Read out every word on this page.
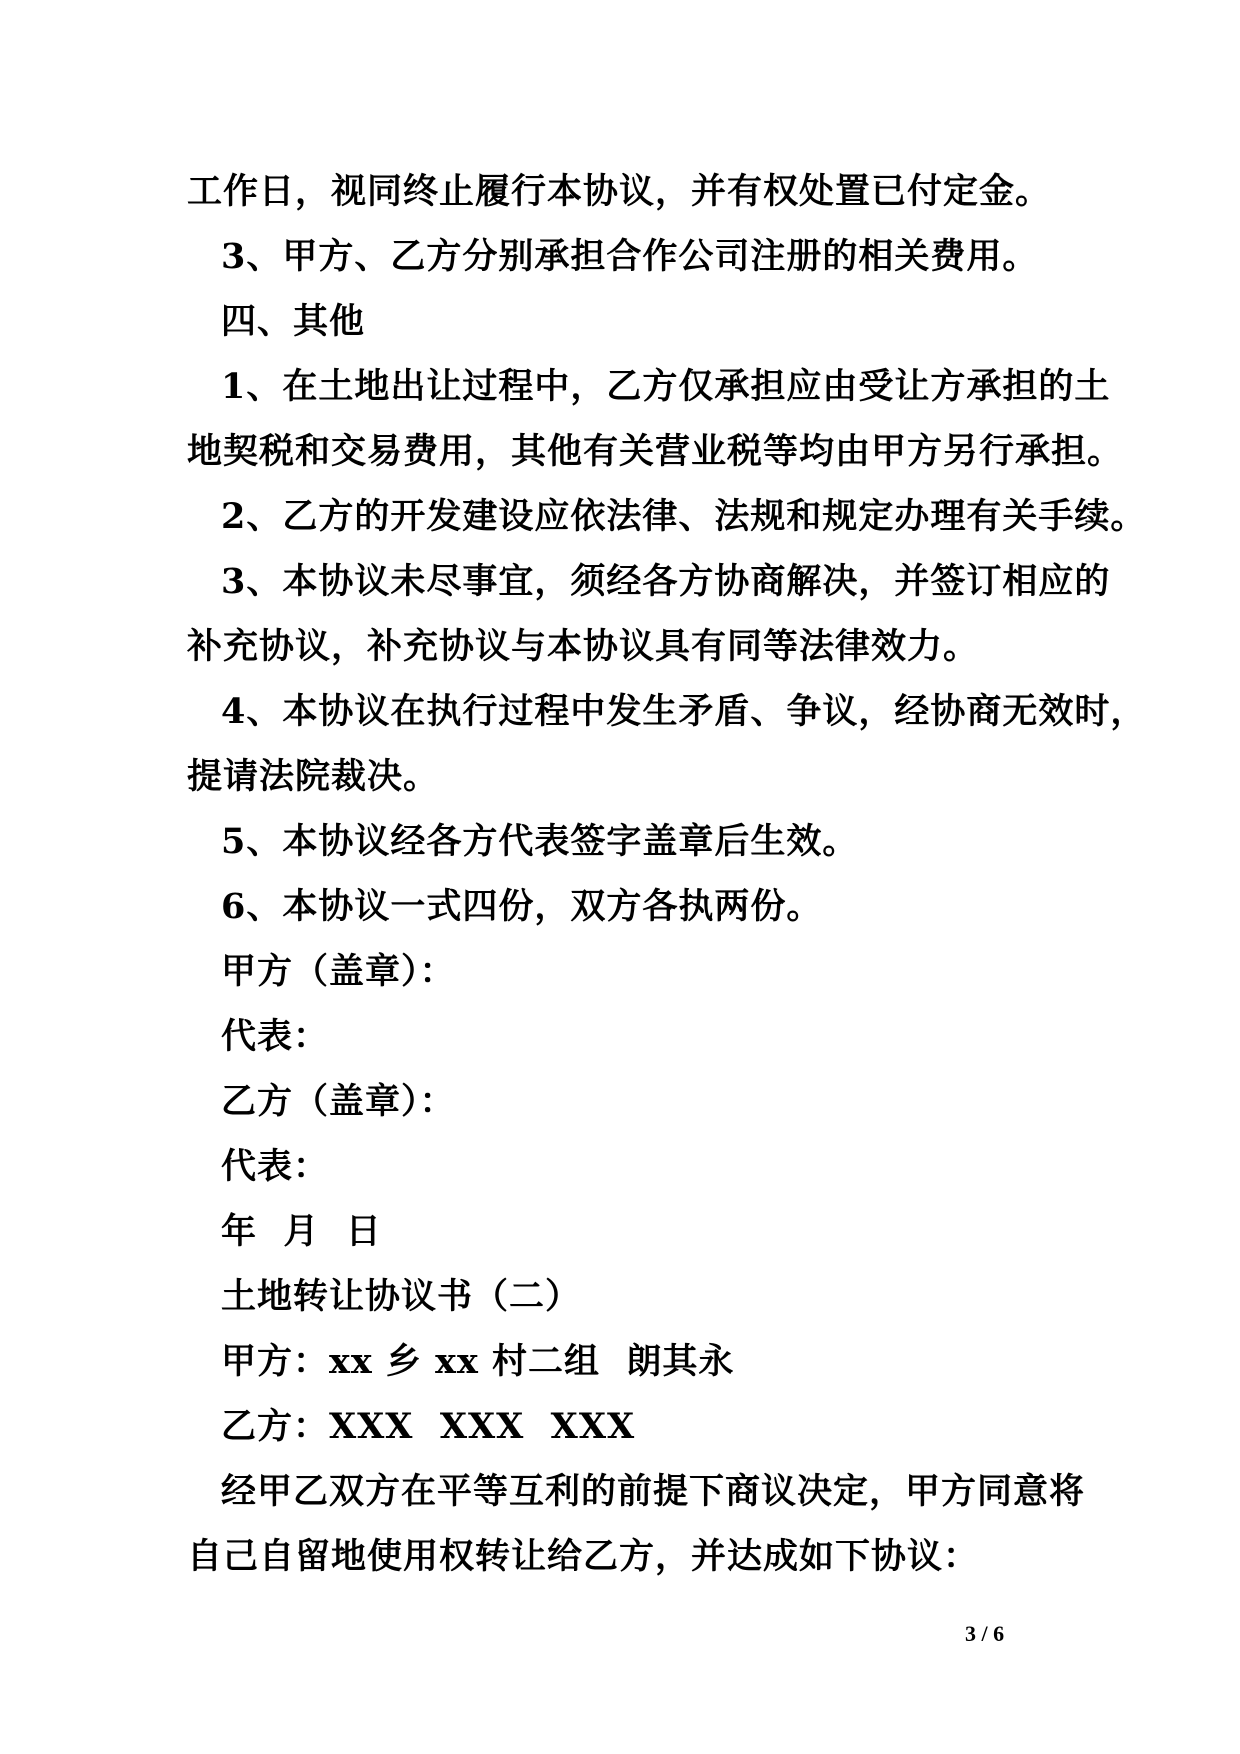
工作日，视同终止履行本协议，并有权处置已付定金。
3、甲方、乙方分别承担合作公司注册的相关费用。
四、其他
1、在土地出让过程中，乙方仅承担应由受让方承担的土
地契税和交易费用，其他有关营业税等均由甲方另行承担。
2、乙方的开发建设应依法律、法规和规定办理有关手续。
3、本协议未尽事宜，须经各方协商解决，并签订相应的
补充协议，补充协议与本协议具有同等法律效力。
4、本协议在执行过程中发生矛盾、争议，经协商无效时，
提请法院裁决。
5、本协议经各方代表签字盖章后生效。
6、本协议一式四份，双方各执两份。
甲方（盖章）：
代表：
乙方（盖章）：
代表：
年  月  日
土地转让协议书（二）
甲方：xx 乡 xx 村二组  朗其永
乙方：XXX  XXX  XXX
经甲乙双方在平等互利的前提下商议决定，甲方同意将
自己自留地使用权转让给乙方，并达成如下协议：
3 / 6
